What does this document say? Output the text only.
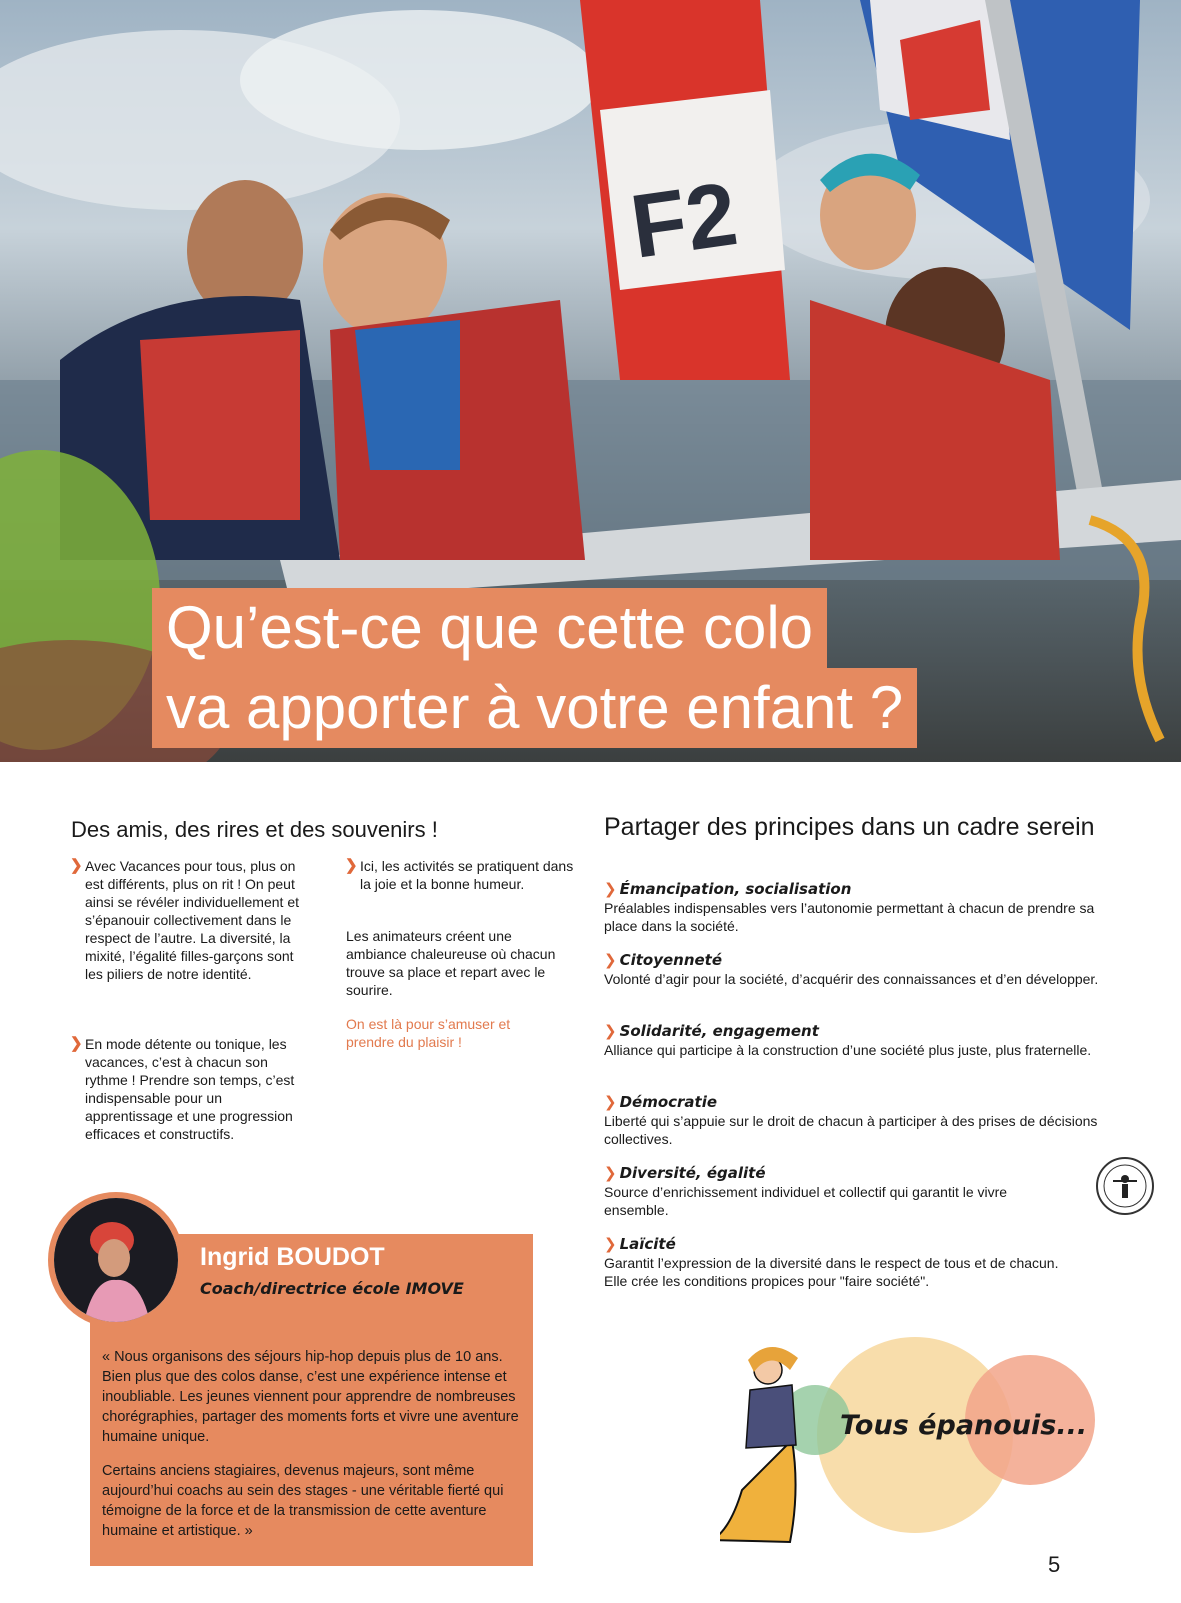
F2
Qu’est-ce que cette colo
va apporter à votre enfant ?
Des amis, des rires et des souvenirs !
❯ Avec Vacances pour tous, plus on est différents, plus on rit ! On peut ainsi se révéler individuellement et s’épanouir collectivement dans le respect de l’autre. La diversité, la mixité, l’égalité filles-garçons sont les piliers de notre identité.
❯ En mode détente ou tonique, les vacances, c’est à chacun son rythme ! Prendre son temps, c’est indispensable pour un apprentissage et une progression efficaces et constructifs.
❯ Ici, les activités se pratiquent dans la joie et la bonne humeur.
Les animateurs créent une ambiance chaleureuse où chacun trouve sa place et repart avec le sourire.
On est là pour s’amuser et prendre du plaisir !
Partager des principes dans un cadre serein
❯ Émancipation, socialisation
Préalables indispensables vers l’autonomie permettant à chacun de prendre sa place dans la société.
❯ Citoyenneté
Volonté d’agir pour la société, d’acquérir des connaissances et d’en développer.
❯ Solidarité, engagement
Alliance qui participe à la construction d’une société plus juste, plus fraternelle.
❯ Démocratie
Liberté qui s’appuie sur le droit de chacun à participer à des prises de décisions collectives.
❯ Diversité, égalité
Source d’enrichissement individuel et collectif qui garantit le vivre ensemble.
❯ Laïcité
Garantit l’expression de la diversité dans le respect de tous et de chacun. Elle crée les conditions propices pour "faire société".
Ingrid BOUDOT
Coach/directrice école IMOVE
« Nous organisons des séjours hip-hop depuis plus de 10 ans. Bien plus que des colos danse, c’est une expérience intense et inoubliable. Les jeunes viennent pour apprendre de nombreuses chorégraphies, partager des moments forts et vivre une aventure humaine unique.
Certains anciens stagiaires, devenus majeurs, sont même aujourd’hui coachs au sein des stages - une véritable fierté qui témoigne de la force et de la transmission de cette aventure humaine et artistique. »
Tous épanouis...
5
